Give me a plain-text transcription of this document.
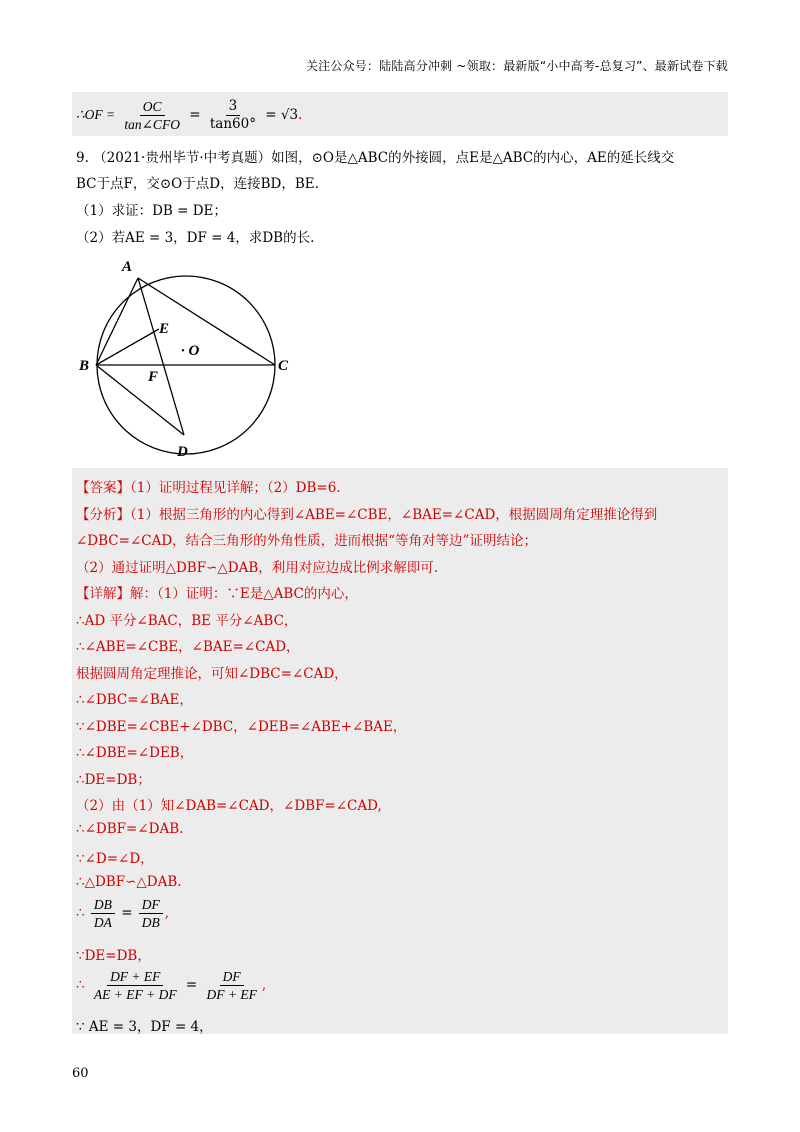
关注公众号：陆陆高分冲刺 ~领取：最新版“小中高考-总复习”、最新试卷下载
∴OF = $\frac{OC}{\text{tan∠CFO}} = \frac{3}{\tan 60^\circ} = √3$.
9. （2021·贵州毕节·中考真题）如图，⊙O是△ABC的外接圆，点E是△ABC的内心，AE的延长线交
BC于点F，交⊙O于点D，连接BD，BE.
（1）求证：DB = DE；
（2）若AE = 3，DF = 4，求DB的长.
A
B	C
D
E
F
· O
【答案】（1）证明过程见详解；（2）DB=6.
【分析】（1）根据三角形的内心得到∠ABE=∠CBE，∠BAE=∠CAD，根据圆周角定理推论得到
∠DBC=∠CAD，结合三角形的外角性质，进而根据“等角对等边”证明结论；
（2）通过证明△DBF∽△DAB，利用对应边成比例求解即可.
【详解】解：（1）证明：∵E是△ABC的内心，
∴AD 平分∠BAC，BE 平分∠ABC，
∴∠ABE=∠CBE，∠BAE=∠CAD，
根据圆周角定理推论，可知∠DBC=∠CAD，
∴∠DBC=∠BAE，
∵∠DBE=∠CBE+∠DBC，∠DEB=∠ABE+∠BAE，
∴∠DBE=∠DEB，
∴DE=DB；
（2）由（1）知∠DAB=∠CAD，∠DBF=∠CAD,
∴∠DBF=∠DAB.
∵∠D=∠D，
∴△DBF∽△DAB.
∴ $\frac{DB}{DA} = \frac{DF}{DB}$ ,
∵DE=DB，
∴ $\frac{DF + EF}{AE + EF + DF} = \frac{DF}{DF + EF}$ ,
∵ AE = 3，DF = 4，
60
